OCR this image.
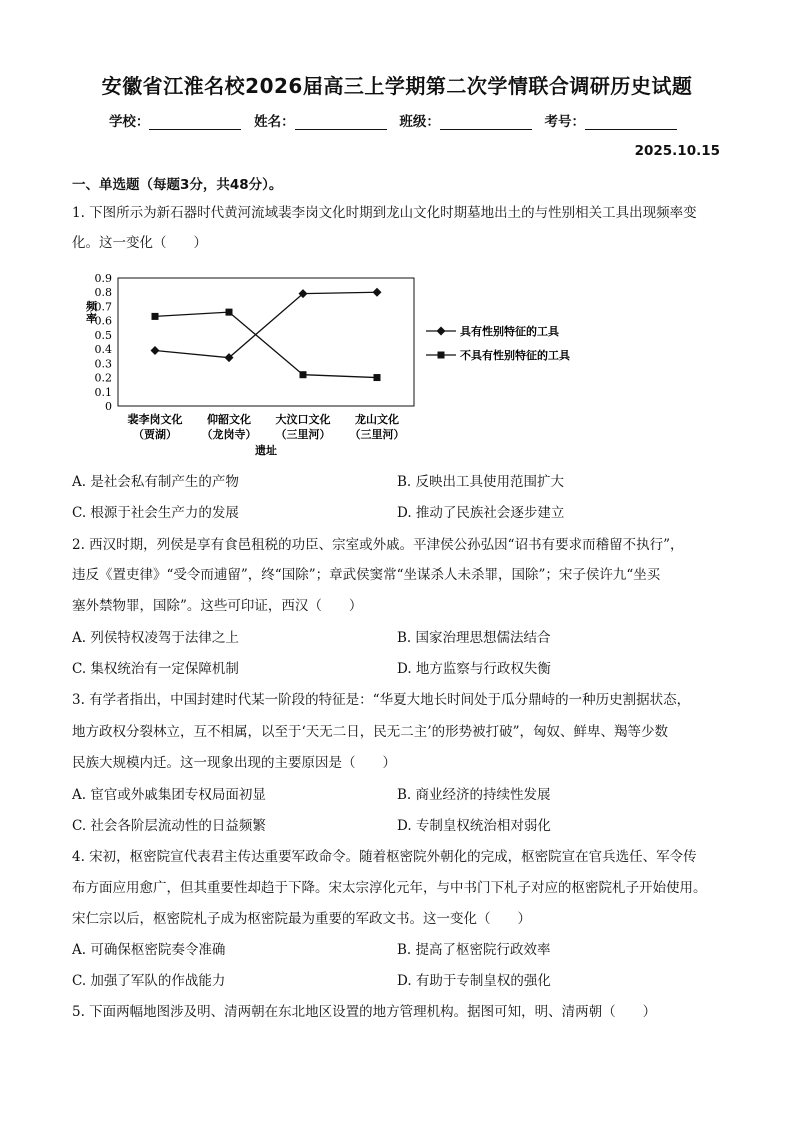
安徽省江淮名校2026届高三上学期第二次学情联合调研历史试题
学校：	姓名：	班级：	考号：
2025.10.15
一、单选题（每题3分，共48分）。
1. 下图所示为新石器时代黄河流域裴李岗文化时期到龙山文化时期墓地出土的与性别相关工具出现频率变
化。这一变化（　　）
0.9
0.8
0.7
0.6
0.5
0.4
0.3
0.2
0.1
0
频
率
裴李岗文化
（贾湖）
仰韶文化
（龙岗寺）
大汶口文化
（三里河）
龙山文化
（三里河）
遗址
具有性别特征的工具
不具有性别特征的工具
A. 是社会私有制产生的产物	B. 反映出工具使用范围扩大
C. 根源于社会生产力的发展	D. 推动了民族社会逐步建立
2. 西汉时期，列侯是享有食邑租税的功臣、宗室或外戚。平津侯公孙弘因“诏书有要求而稽留不执行”，
违反《置吏律》“受令而逋留”，终“国除”；章武侯窦常“坐谋杀人未杀罪，国除”；宋子侯许九“坐买
塞外禁物罪，国除”。这些可印证，西汉（　　）
A. 列侯特权凌驾于法律之上	B. 国家治理思想儒法结合
C. 集权统治有一定保障机制	D. 地方监察与行政权失衡
3. 有学者指出，中国封建时代某一阶段的特征是：“华夏大地长时间处于瓜分鼎峙的一种历史割据状态，
地方政权分裂林立，互不相属，以至于‘天无二日，民无二主’的形势被打破”，匈奴、鲜卑、羯等少数
民族大规模内迁。这一现象出现的主要原因是（　　）
A. 宦官或外戚集团专权局面初显	B. 商业经济的持续性发展
C. 社会各阶层流动性的日益频繁	D. 专制皇权统治相对弱化
4. 宋初，枢密院宣代表君主传达重要军政命令。随着枢密院外朝化的完成，枢密院宣在官兵选任、军令传
布方面应用愈广，但其重要性却趋于下降。宋太宗淳化元年，与中书门下札子对应的枢密院札子开始使用。
宋仁宗以后，枢密院札子成为枢密院最为重要的军政文书。这一变化（　　）
A. 可确保枢密院奏令准确	B. 提高了枢密院行政效率
C. 加强了军队的作战能力	D. 有助于专制皇权的强化
5. 下面两幅地图涉及明、清两朝在东北地区设置的地方管理机构。据图可知，明、清两朝（　　）
